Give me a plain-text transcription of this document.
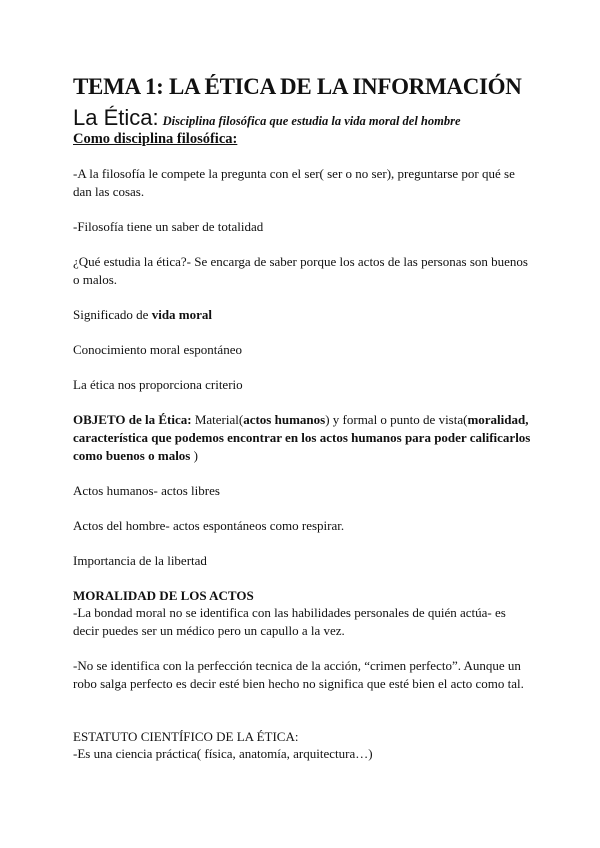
TEMA 1: LA ÉTICA DE LA INFORMACIÓN
La Ética: Disciplina filosófica que estudia la vida moral del hombre
Como disciplina filosófica:

-A la filosofía le compete la pregunta con el ser( ser o no ser), preguntarse por qué se dan las cosas.

-Filosofía tiene un saber de totalidad

¿Qué estudia la ética?- Se encarga de saber porque los actos de las personas son buenos o malos.

Significado de vida moral

Conocimiento moral espontáneo

La ética nos proporciona criterio

OBJETO de la Ética: Material(actos humanos) y formal o punto de vista(moralidad, característica que podemos encontrar en los actos humanos para poder calificarlos como buenos o malos )

Actos humanos- actos libres

Actos del hombre- actos espontáneos como respirar.

Importancia de la libertad

MORALIDAD DE LOS ACTOS

-La bondad moral no se identifica con las habilidades personales de quién actúa- es decir puedes ser un médico pero un capullo a la vez.

-No se identifica con la perfección tecnica de la acción, “crimen perfecto”. Aunque un robo salga perfecto es decir esté bien hecho no significa que esté bien el acto como tal.

ESTATUTO CIENTÍFICO DE LA ÉTICA:

-Es una ciencia práctica( física, anatomía, arquitectura…)
